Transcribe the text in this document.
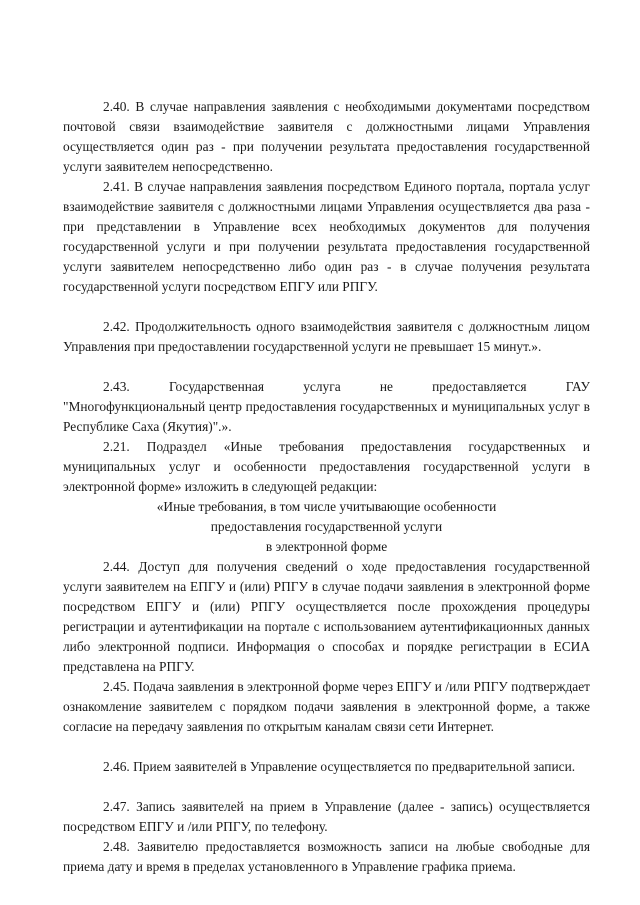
2.40. В случае направления заявления с необходимыми документами посредством почтовой связи взаимодействие заявителя с должностными лицами Управления осуществляется один раз - при получении результата предоставления государственной услуги заявителем непосредственно.

2.41. В случае направления заявления посредством Единого портала, портала услуг взаимодействие заявителя с должностными лицами Управления осуществляется два раза - при представлении в Управление всех необходимых документов для получения государственной услуги и при получении результата предоставления государственной услуги заявителем непосредственно либо один раз - в случае получения результата государственной услуги посредством ЕПГУ или РПГУ.

2.42. Продолжительность одного взаимодействия заявителя с должностным лицом Управления при предоставлении государственной услуги не превышает 15 минут.».

2.43.	Государственная	услуга	не	предоставляется	ГАУ
"Многофункциональный центр предоставления государственных и муниципальных услуг в Республике Саха (Якутия)".».

2.21. Подраздел «Иные требования предоставления государственных и муниципальных услуг и особенности предоставления государственной услуги в электронной форме» изложить в следующей редакции:

«Иные требования, в том числе учитывающие особенности
предоставления государственной услуги
в электронной форме

2.44. Доступ для получения сведений о ходе предоставления государственной услуги заявителем на ЕПГУ и (или) РПГУ в случае подачи заявления в электронной форме посредством ЕПГУ и (или) РПГУ осуществляется после прохождения процедуры регистрации и аутентификации на портале с использованием аутентификационных данных либо электронной подписи. Информация о способах и порядке регистрации в ЕСИА представлена на РПГУ.

2.45. Подача заявления в электронной форме через ЕПГУ и /или РПГУ подтверждает ознакомление заявителем с порядком подачи заявления в электронной форме, а также согласие на передачу заявления по открытым каналам связи сети Интернет.

2.46. Прием заявителей в Управление осуществляется по предварительной записи.

2.47. Запись заявителей на прием в Управление (далее - запись) осуществляется посредством ЕПГУ и /или РПГУ, по телефону.

2.48. Заявителю предоставляется возможность записи на любые свободные для приема дату и время в пределах установленного в Управление графика приема.
